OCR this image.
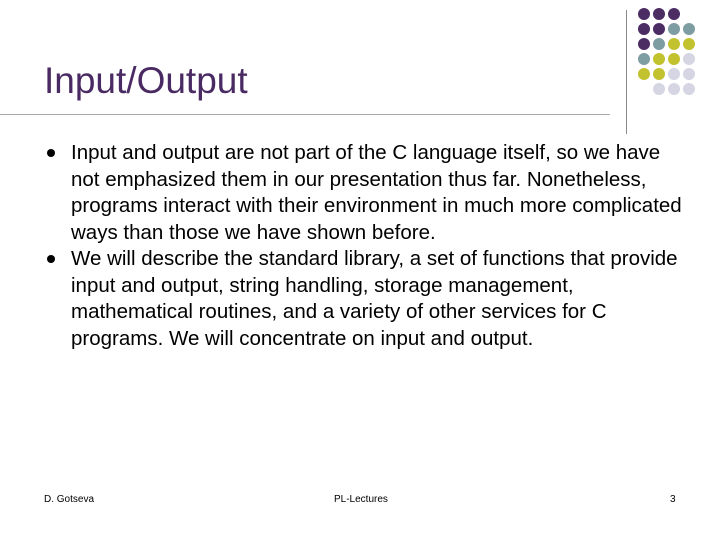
Input/Output
Input and output are not part of the C language itself, so we have not emphasized them in our presentation thus far. Nonetheless, programs interact with their environment in much more complicated ways than those we have shown before.
We will describe the standard library, a set of functions that provide input and output, string handling, storage management, mathematical routines, and a variety of other services for C programs. We will concentrate on input and output.
D. Gotseva	PL-Lectures	3
